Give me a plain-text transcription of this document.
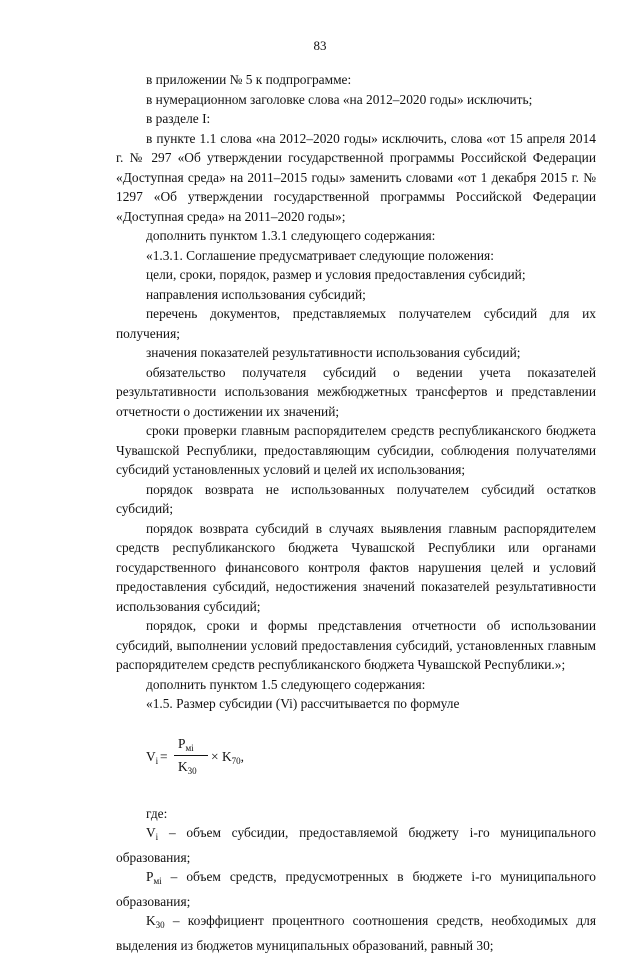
83

в приложении № 5 к подпрограмме:

в нумерационном заголовке слова «на 2012–2020 годы» исключить;

в разделе I:

в пункте 1.1 слова «на 2012–2020 годы» исключить, слова «от 15 апреля 2014 г. № 297 «Об утверждении государственной программы Российской Федерации «Доступная среда» на 2011–2015 годы» заменить словами «от 1 декабря 2015 г. № 1297 «Об утверждении государственной программы Российской Федерации «Доступная среда» на 2011–2020 годы»;

дополнить пунктом 1.3.1 следующего содержания:

«1.3.1. Соглашение предусматривает следующие положения:

цели, сроки, порядок, размер и условия предоставления субсидий;

направления использования субсидий;

перечень документов, представляемых получателем субсидий для их получения;

значения показателей результативности использования субсидий;

обязательство получателя субсидий о ведении учета показателей результативности использования межбюджетных трансфертов и представлении отчетности о достижении их значений;

сроки проверки главным распорядителем средств республиканского бюджета Чувашской Республики, предоставляющим субсидии, соблюдения получателями субсидий установленных условий и целей их использования;

порядок возврата не использованных получателем субсидий остатков субсидий;

порядок возврата субсидий в случаях выявления главным распорядителем средств республиканского бюджета Чувашской Республики или органами государственного финансового контроля фактов нарушения целей и условий предоставления субсидий, недостижения значений показателей результативности использования субсидий;

порядок, сроки и формы представления отчетности об использовании субсидий, выполнении условий предоставления субсидий, установленных главным распорядителем средств республиканского бюджета Чувашской Республики.»;

дополнить пунктом 1.5 следующего содержания:

«1.5. Размер субсидии (Vi) рассчитывается по формуле

$V_i$ =
$P_{мi}$
$K_{30}$
× $K_{70}$,

где:

$V_i$ – объем субсидии, предоставляемой бюджету i-го муниципального образования;

$P_{мi}$ – объем средств, предусмотренных в бюджете i-го муниципального образования;

$K_{30}$ – коэффициент процентного соотношения средств, необходимых для выделения из бюджетов муниципальных образований, равный 30;
